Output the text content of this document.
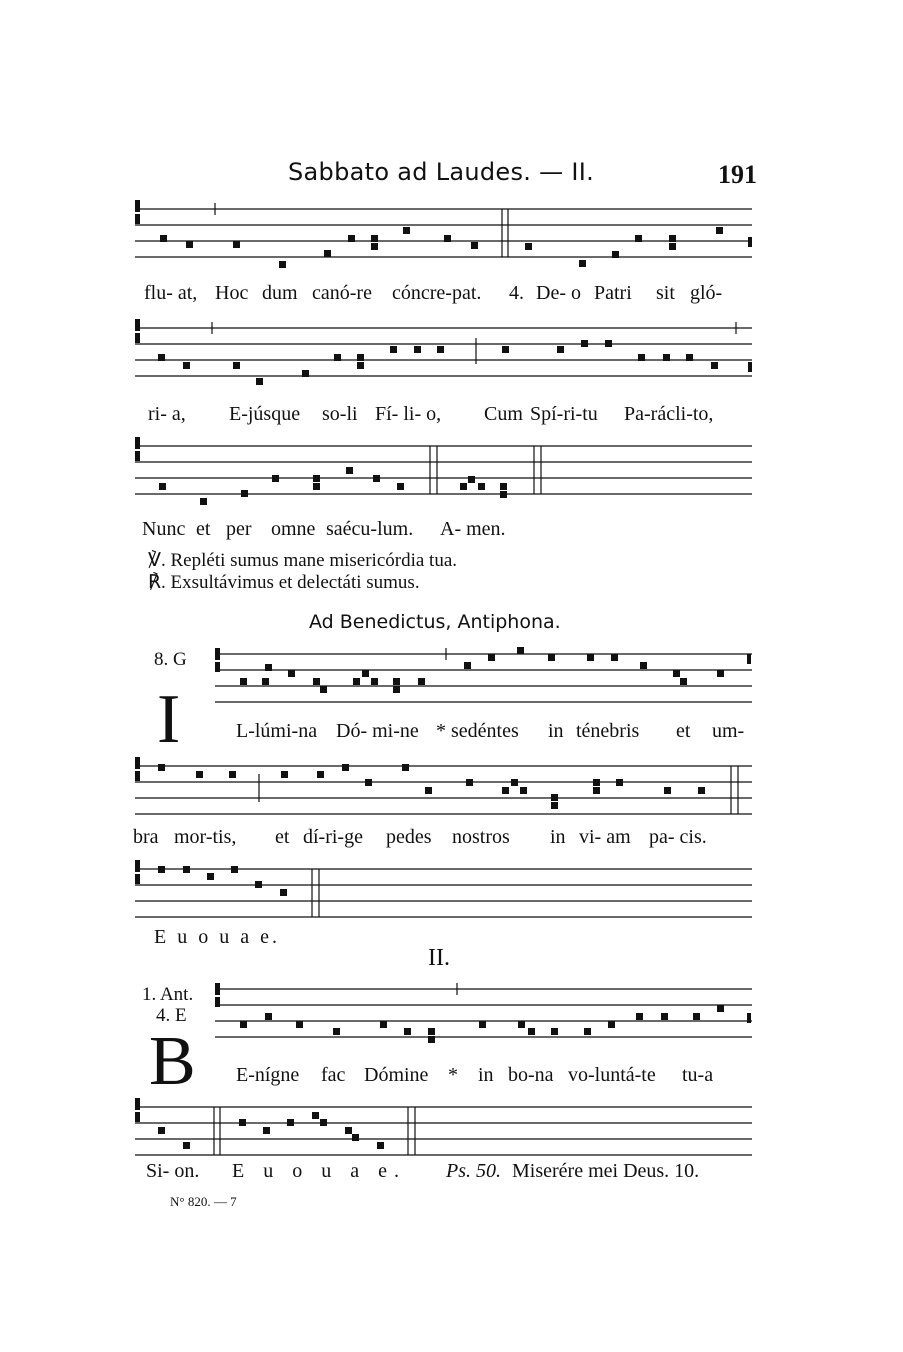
Sabbato ad Laudes. — II.	191
flu- at, Hoc dum canó-re cóncre-pat. 4. De- o Patri sit gló-
ri- a, E-júsque so-li Fí- li- o, Cum Spí-ri-tu Pa-rácli-to,
Nunc et per omne saécu-lum. A- men.
℣. Repléti sumus mane misericórdia tua.
℟. Exsultávimus et delectáti sumus.
Ad Benedictus, Antiphona.
8. G
I	L-lúmi-na Dó- mi-ne * sedéntes in ténebris et um-
bra mor-tis, et dí-ri-ge pedes nostros in vi- am pa- cis.
E u o u a e.
II.
1. Ant.
4. E
B E-nígne fac Dómine * in bo-na vo-luntá-te tu-a
Si- on. E u o u a e. Ps. 50. Miserére mei Deus. 10.
N° 820. — 7
